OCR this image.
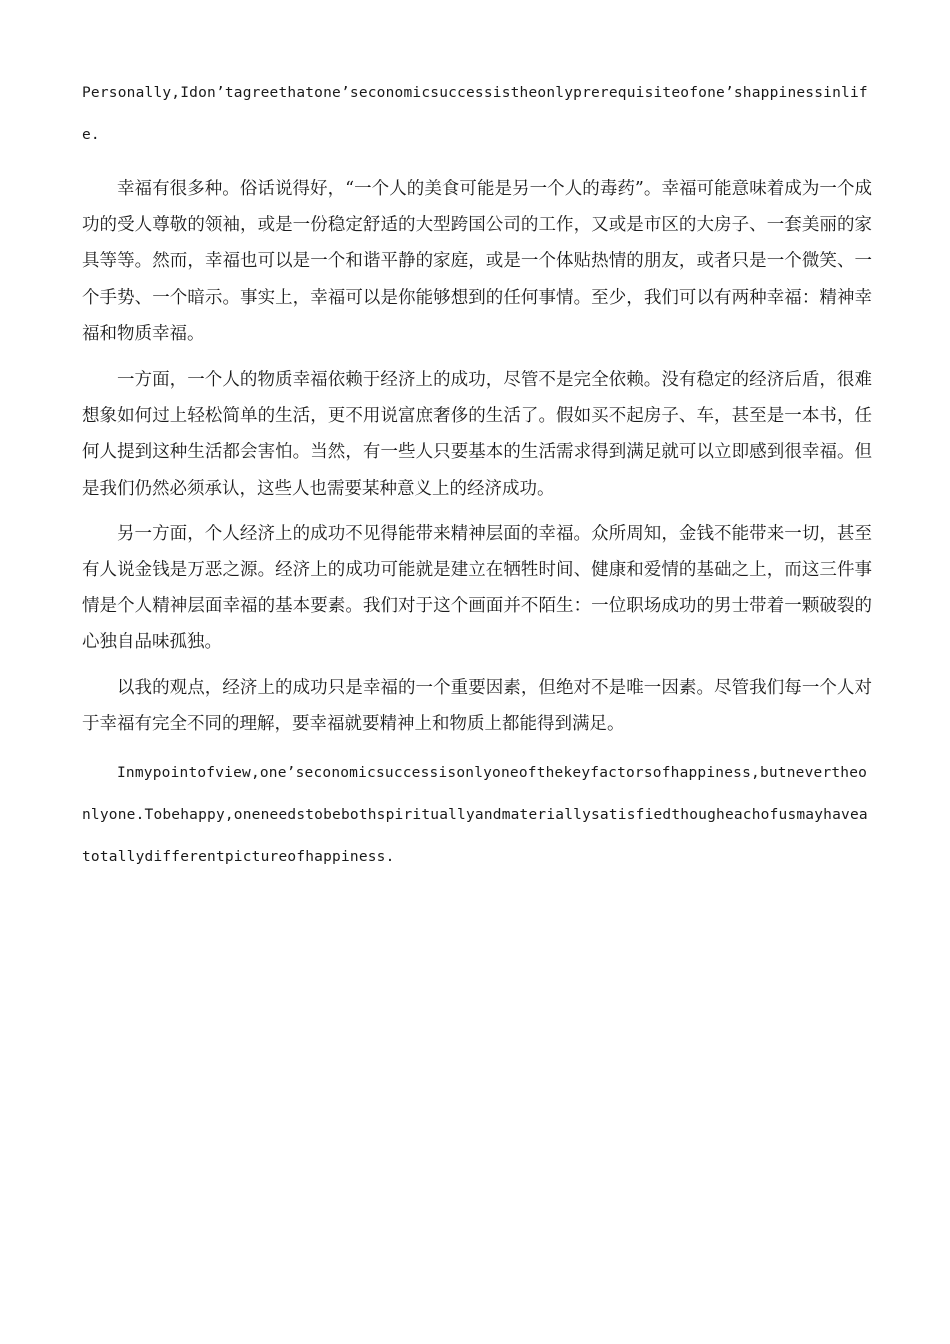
Personally,Idon’tagreethatone’seconomicsuccessistheonlyprerequisiteofone’shappinessinlife.

幸福有很多种。俗话说得好，“一个人的美食可能是另一个人的毒药”。幸福可能意味着成为一个成功的受人尊敬的领袖，或是一份稳定舒适的大型跨国公司的工作，又或是市区的大房子、一套美丽的家具等等。然而，幸福也可以是一个和谐平静的家庭，或是一个体贴热情的朋友，或者只是一个微笑、一个手势、一个暗示。事实上，幸福可以是你能够想到的任何事情。至少，我们可以有两种幸福：精神幸福和物质幸福。

一方面，一个人的物质幸福依赖于经济上的成功，尽管不是完全依赖。没有稳定的经济后盾，很难想象如何过上轻松简单的生活，更不用说富庶奢侈的生活了。假如买不起房子、车，甚至是一本书，任何人提到这种生活都会害怕。当然，有一些人只要基本的生活需求得到满足就可以立即感到很幸福。但是我们仍然必须承认，这些人也需要某种意义上的经济成功。

另一方面，个人经济上的成功不见得能带来精神层面的幸福。众所周知，金钱不能带来一切，甚至有人说金钱是万恶之源。经济上的成功可能就是建立在牺牲时间、健康和爱情的基础之上，而这三件事情是个人精神层面幸福的基本要素。我们对于这个画面并不陌生：一位职场成功的男士带着一颗破裂的心独自品味孤独。

以我的观点，经济上的成功只是幸福的一个重要因素，但绝对不是唯一因素。尽管我们每一个人对于幸福有完全不同的理解，要幸福就要精神上和物质上都能得到满足。

Inmypointofview,one’seconomicsuccessisonlyoneofthekeyfactorsofhappiness,butnevertheonlyone.Tobehappy,oneneedstobebothspirituallyandmateriallysatisfiedthougheachofusmayhaveatotallydifferentpictureofhappiness.
